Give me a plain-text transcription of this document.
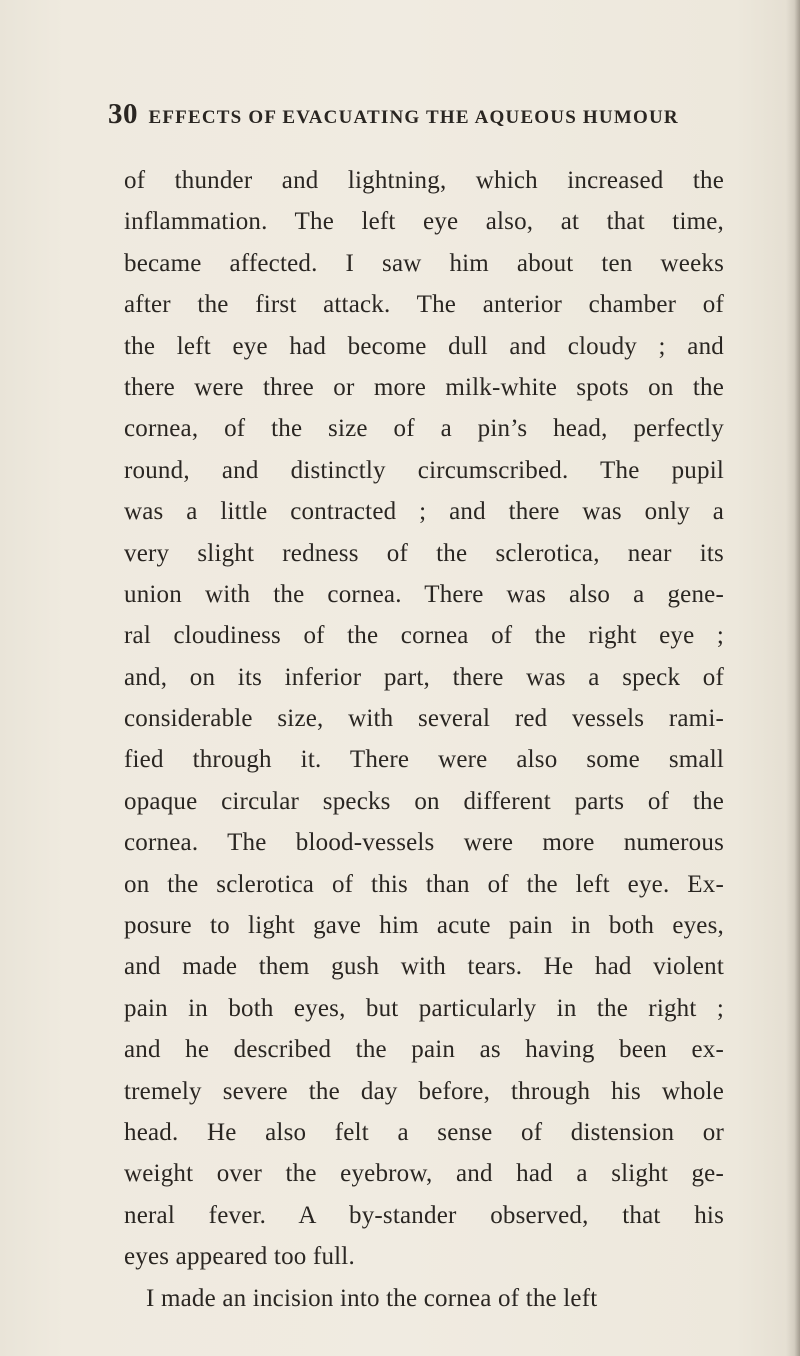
30 EFFECTS OF EVACUATING THE AQUEOUS HUMOUR
of thunder and lightning, which increased the
inflammation. The left eye also, at that time,
became affected. I saw him about ten weeks
after the first attack. The anterior chamber of
the left eye had become dull and cloudy ; and
there were three or more milk-white spots on the
cornea, of the size of a pin’s head, perfectly
round, and distinctly circumscribed. The pupil
was a little contracted ; and there was only a
very slight redness of the sclerotica, near its
union with the cornea. There was also a gene-
ral cloudiness of the cornea of the right eye ;
and, on its inferior part, there was a speck of
considerable size, with several red vessels rami-
fied through it. There were also some small
opaque circular specks on different parts of the
cornea. The blood-vessels were more numerous
on the sclerotica of this than of the left eye. Ex-
posure to light gave him acute pain in both eyes,
and made them gush with tears. He had violent
pain in both eyes, but particularly in the right ;
and he described the pain as having been ex-
tremely severe the day before, through his whole
head. He also felt a sense of distension or
weight over the eyebrow, and had a slight ge-
neral fever. A by-stander observed, that his
eyes appeared too full.
I made an incision into the cornea of the left
